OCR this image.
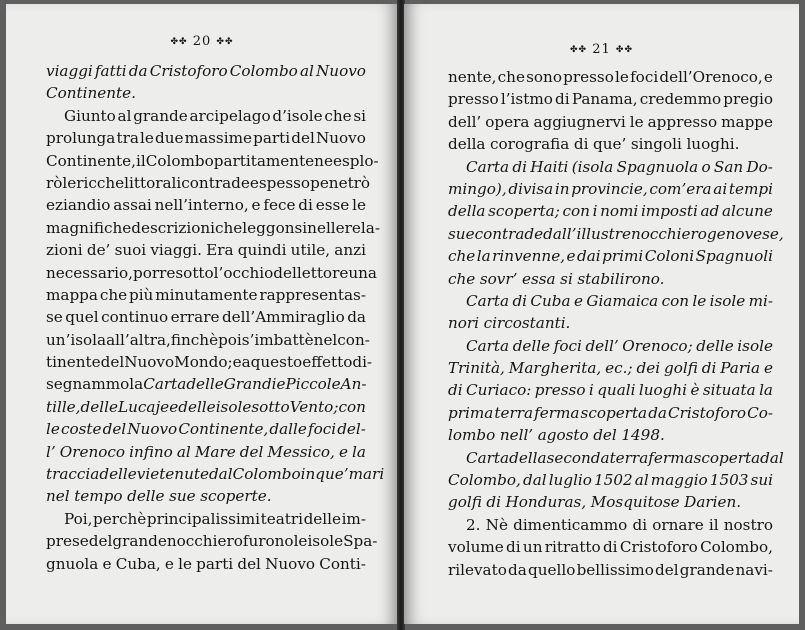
✤✤ 20 ✤✤
viaggi fatti da Cristoforo Colombo al Nuovo
Continente.
Giunto al grande arcipelago d’isole che si
prolunga tra le due massime parti del Nuovo
Continente, il Colombo partitamente ne esplo-
rò le ricche littorali contrade e spesso penetrò
eziandio assai nell’interno, e fece di esse le
magnifiche descrizioni che leggonsi nelle rela-
zioni de’ suoi viaggi. Era quindi utile, anzi
necessario, porre sotto l’occhio del lettore una
mappa che più minutamente rappresentas-
se quel continuo errare dell’Ammiraglio da
un’isola all’altra, finchè poi s’imbattè nel con-
tinente del Nuovo Mondo; e a questo effetto di-
segnammo la Carta delle Grandi e Piccole An-
tille, delle Lucaje e delle isole sotto Vento; con
le coste del Nuovo Continente, dalle foci del-
l’ Orenoco infino al Mare del Messico, e la
traccia delle vie tenute dal Colombo in que’mari
nel tempo delle sue scoperte.
Poi, perchè principalissimi teatri delle im-
prese del grande nocchiero furono le isole Spa-
gnuola e Cuba, e le parti del Nuovo Conti-
✤✤ 21 ✤✤
nente, che sono presso le foci dell’Orenoco, e
presso l’istmo di Panama, credemmo pregio
dell’ opera aggiugnervi le appresso mappe
della corografia di que’ singoli luoghi.
Carta di Haiti (isola Spagnuola o San Do-
mingo), divisa in provincie, com’era ai tempi
della scoperta; con i nomi imposti ad alcune
sue contrade dall’ illustre nocchiero genovese,
che la rinvenne, e dai primi Coloni Spagnuoli
che sovr’ essa si stabilirono.
Carta di Cuba e Giamaica con le isole mi-
nori circostanti.
Carta delle foci dell’ Orenoco; delle isole
Trinità, Margherita, ec.; dei golfi di Paria e
di Curiaco: presso i quali luoghi è situata la
prima terra ferma scoperta da Cristoforo Co-
lombo nell’ agosto del 1498.
Carta della seconda terra ferma scoperta dal
Colombo, dal luglio 1502 al maggio 1503 sui
golfi di Honduras, Mosquitose Darien.
2. Nè dimenticammo di ornare il nostro
volume di un ritratto di Cristoforo Colombo,
rilevato da quello bellissimo del grande navi-
